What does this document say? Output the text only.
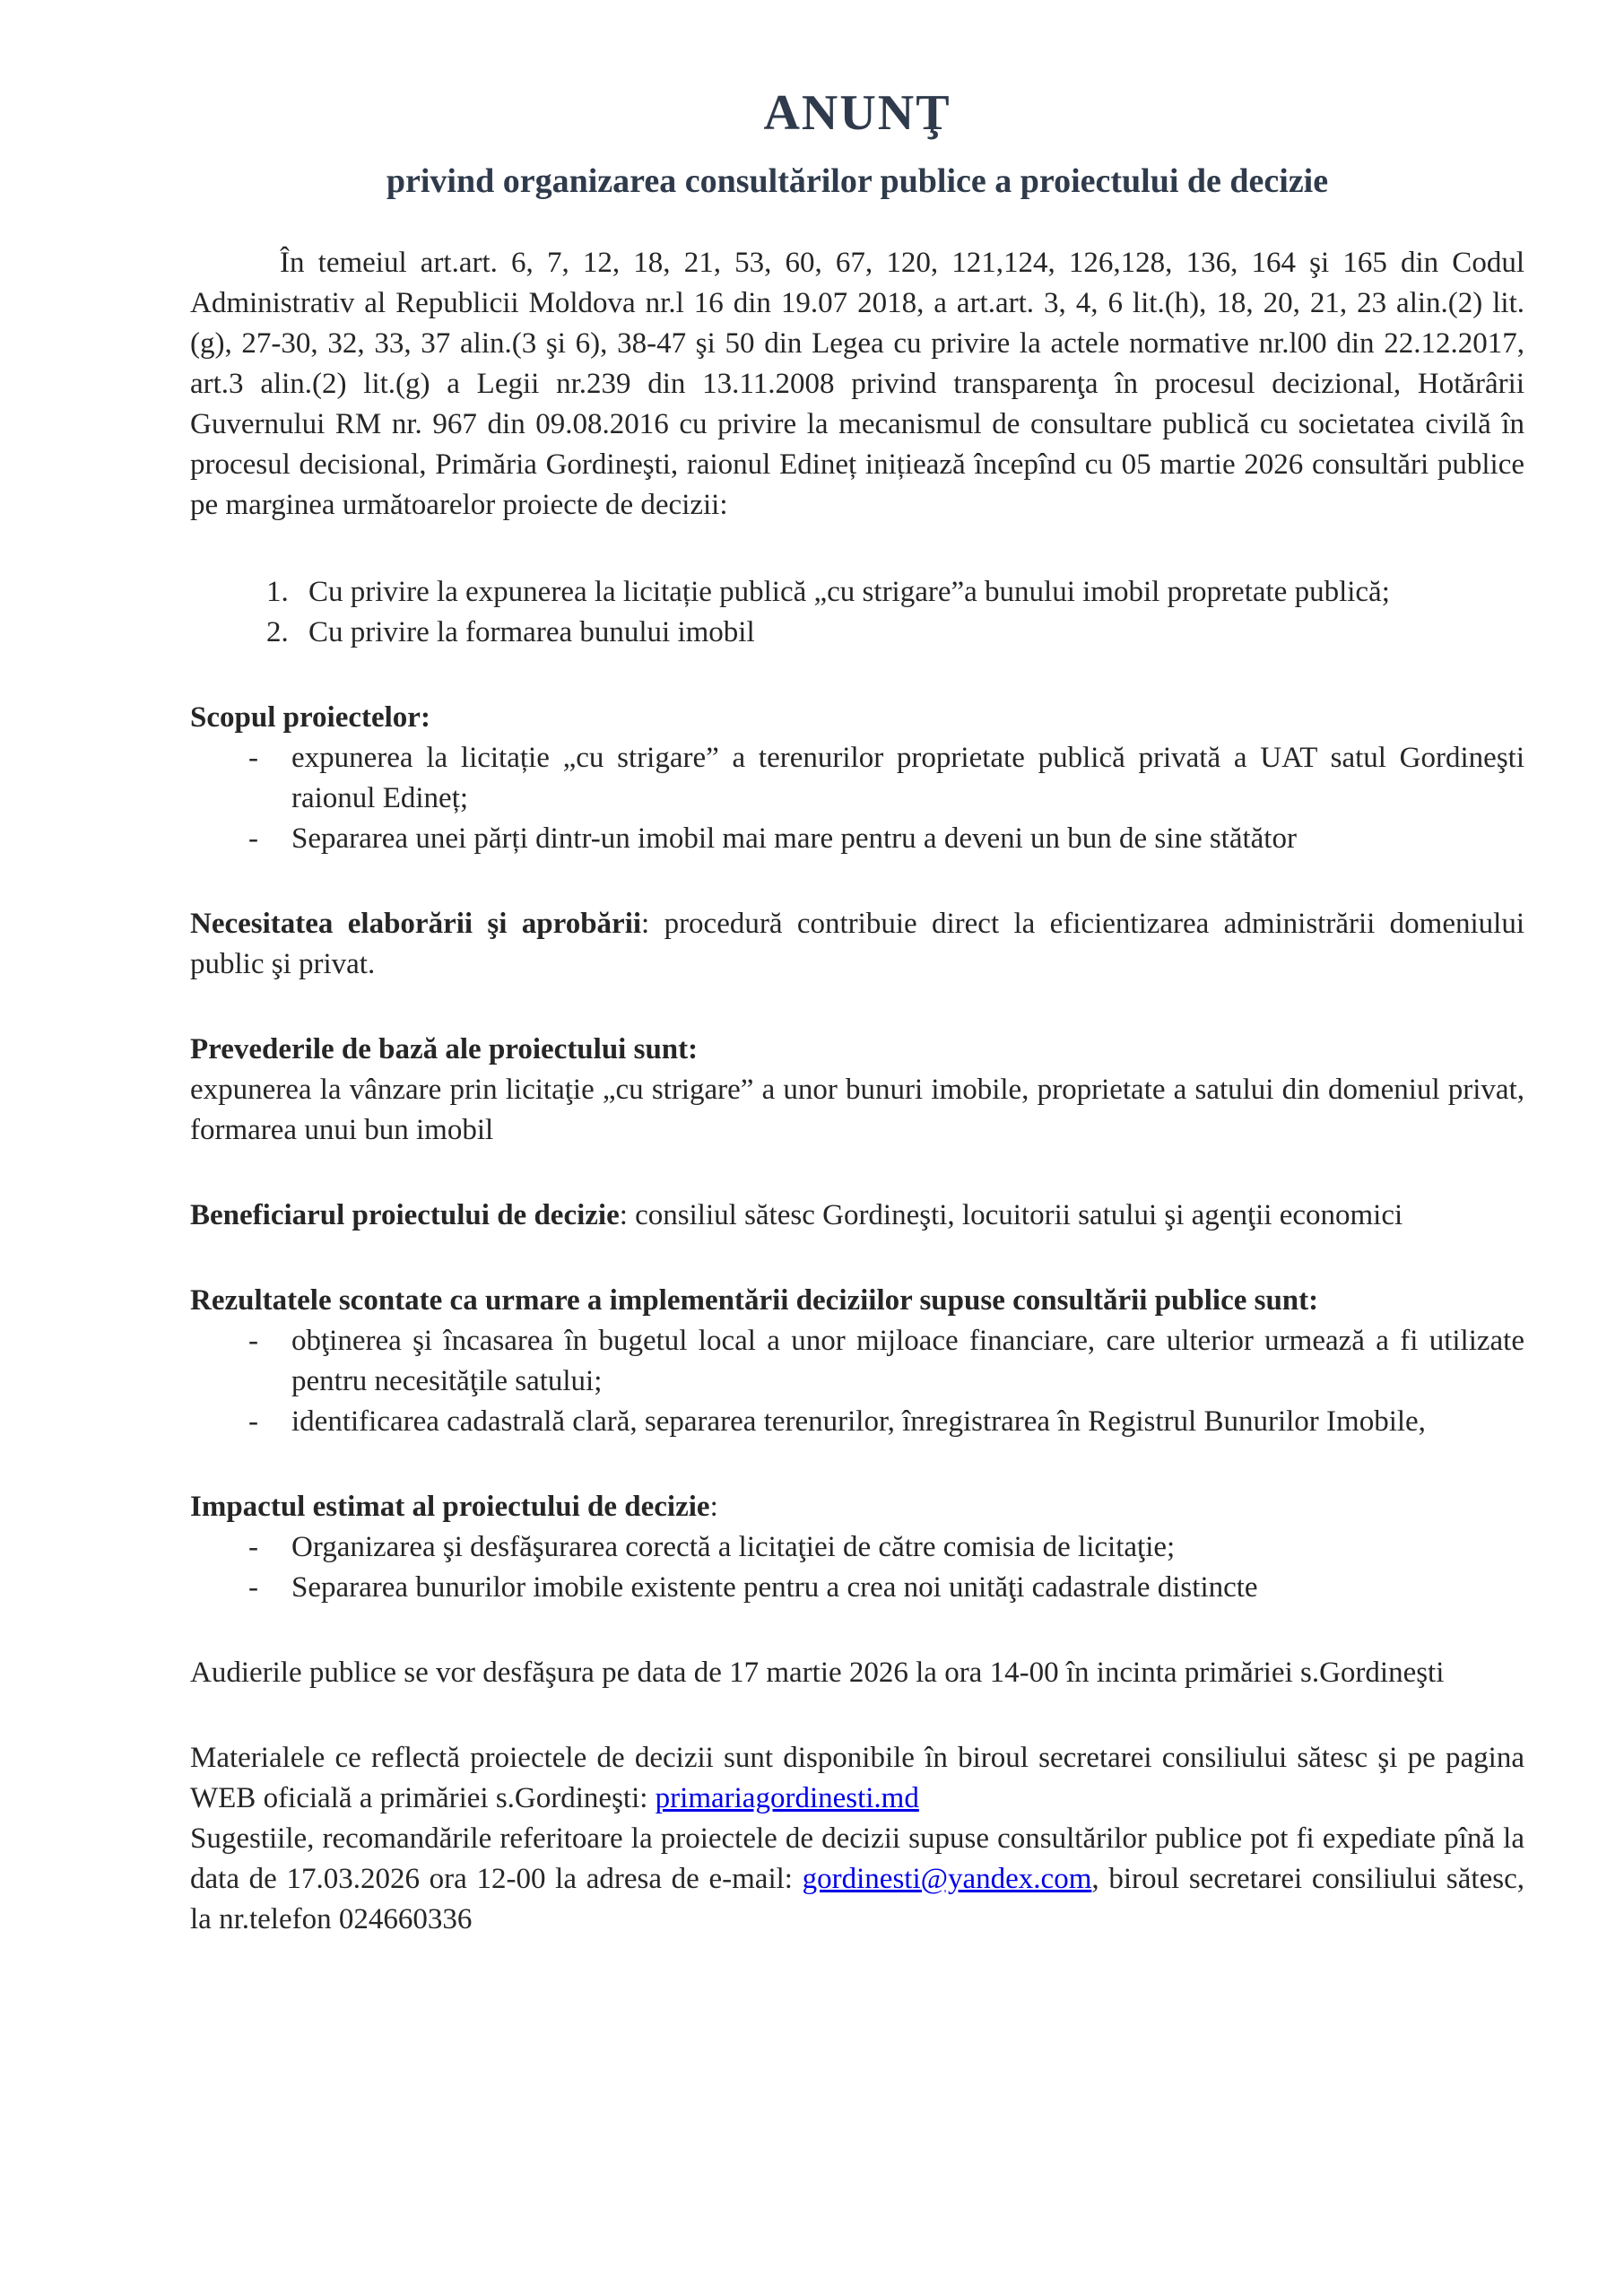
ANUNŢ
privind organizarea consultărilor publice a proiectului de decizie

În temeiul art.art. 6, 7, 12, 18, 21, 53, 60, 67, 120, 121,124, 126,128, 136, 164 şi 165 din Codul Administrativ al Republicii Moldova nr.l 16 din 19.07 2018, a art.art. 3, 4, 6 lit.(h), 18, 20, 21, 23 alin.(2) lit. (g), 27-30, 32, 33, 37 alin.(3 şi 6), 38-47 şi 50 din Legea cu privire la actele normative nr.l00 din 22.12.2017, art.3 alin.(2) lit.(g) a Legii nr.239 din 13.11.2008 privind transparenţa în procesul decizional, Hotărârii Guvernului RM nr. 967 din 09.08.2016 cu privire la mecanismul de consultare publică cu societatea civilă în procesul decisional, Primăria Gordineşti, raionul Edineț inițiează începînd cu 05 martie 2026 consultări publice pe marginea următoarelor proiecte de decizii:

1. Cu privire la expunerea la licitație publică „cu strigare”a bunului imobil propretate publică;
2. Cu privire la formarea bunului imobil

Scopul proiectelor:

- expunerea la licitație „cu strigare” a terenurilor proprietate publică privată a UAT satul Gordineşti raionul Edineț;
- Separarea unei părți dintr-un imobil mai mare pentru a deveni un bun de sine stătător

Necesitatea elaborării şi aprobării: procedură contribuie direct la eficientizarea administrării domeniului public şi privat.

Prevederile de bază ale proiectului sunt:

expunerea la vânzare prin licitaţie „cu strigare” a unor bunuri imobile, proprietate a satului din domeniul privat, formarea unui bun imobil

Beneficiarul proiectului de decizie: consiliul sătesc Gordineşti, locuitorii satului şi agenţii economici

Rezultatele scontate ca urmare a implementării deciziilor supuse consultării publice sunt:

- obţinerea şi încasarea în bugetul local a unor mijloace financiare, care ulterior urmează a fi utilizate pentru necesităţile satului;
- identificarea cadastrală clară, separarea terenurilor, înregistrarea în Registrul Bunurilor Imobile,

Impactul estimat al proiectului de decizie:

- Organizarea şi desfăşurarea corectă a licitaţiei de către comisia de licitaţie;
- Separarea bunurilor imobile existente pentru a crea noi unităţi cadastrale distincte

Audierile publice se vor desfăşura pe data de 17 martie 2026 la ora 14-00 în incinta primăriei s.Gordineşti

Materialele ce reflectă proiectele de decizii sunt disponibile în biroul secretarei consiliului sătesc şi pe pagina WEB oficială a primăriei s.Gordineşti: primariagordinesti.md

Sugestiile, recomandările referitoare la proiectele de decizii supuse consultărilor publice pot fi expediate pînă la data de 17.03.2026 ora 12-00 la adresa de e-mail: gordinesti@yandex.com, biroul secretarei consiliului sătesc, la nr.telefon 024660336
